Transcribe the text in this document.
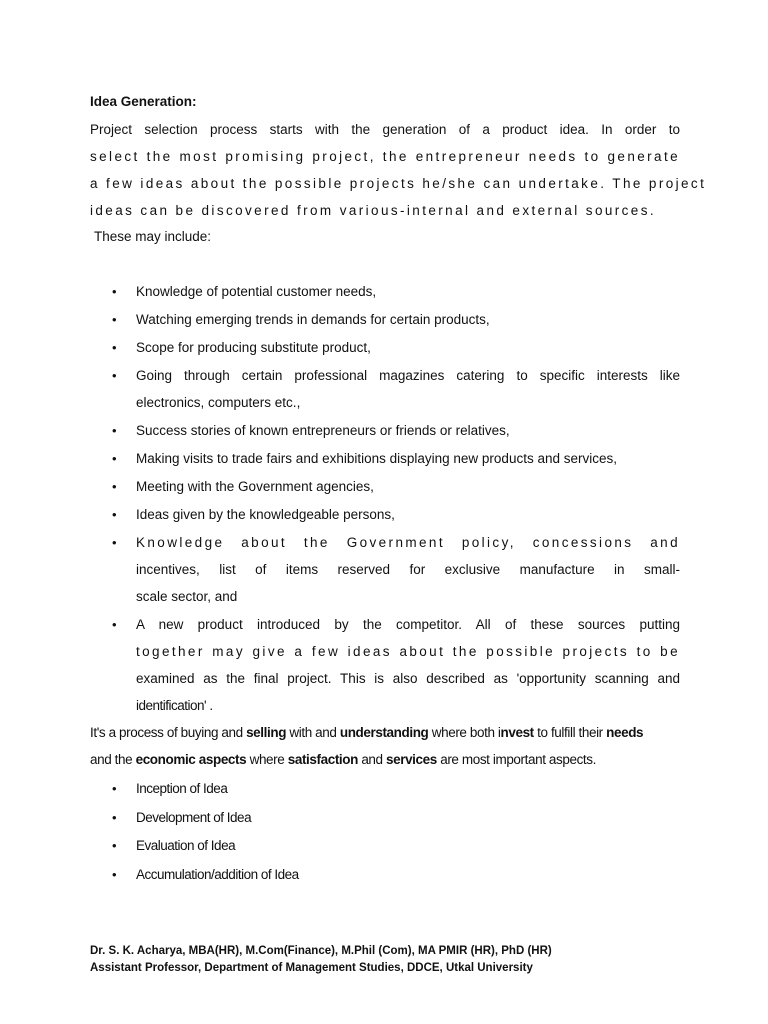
Idea Generation:
Project selection process starts with the generation of a product idea. In order to
select the most promising project, the entrepreneur needs to generate
a few ideas about the possible projects he/she can undertake. The project
ideas can be discovered from various-internal and external sources.
These may include:
• Knowledge of potential customer needs,
• Watching emerging trends in demands for certain products,
• Scope for producing substitute product,
• Going through certain professional magazines catering to specific interests like
electronics, computers etc.,
• Success stories of known entrepreneurs or friends or relatives,
• Making visits to trade fairs and exhibitions displaying new products and services,
• Meeting with the Government agencies,
• Ideas given by the knowledgeable persons,
• Knowledge about the Government policy, concessions and
incentives, list of items reserved for exclusive manufacture in small-
scale sector, and
• A new product introduced by the competitor. All of these sources putting
together may give a few ideas about the possible projects to be
examined as the final project. This is also described as 'opportunity scanning and
identification' .
It's a process of buying and selling with and understanding where both invest to fulfill their needs
and the economic aspects where satisfaction and services are most important aspects.
• Inception of Idea
• Development of Idea
• Evaluation of Idea
• Accumulation/addition of Idea
Dr. S. K. Acharya, MBA(HR), M.Com(Finance), M.Phil (Com), MA PMIR (HR), PhD (HR)
Assistant Professor, Department of Management Studies, DDCE, Utkal University
